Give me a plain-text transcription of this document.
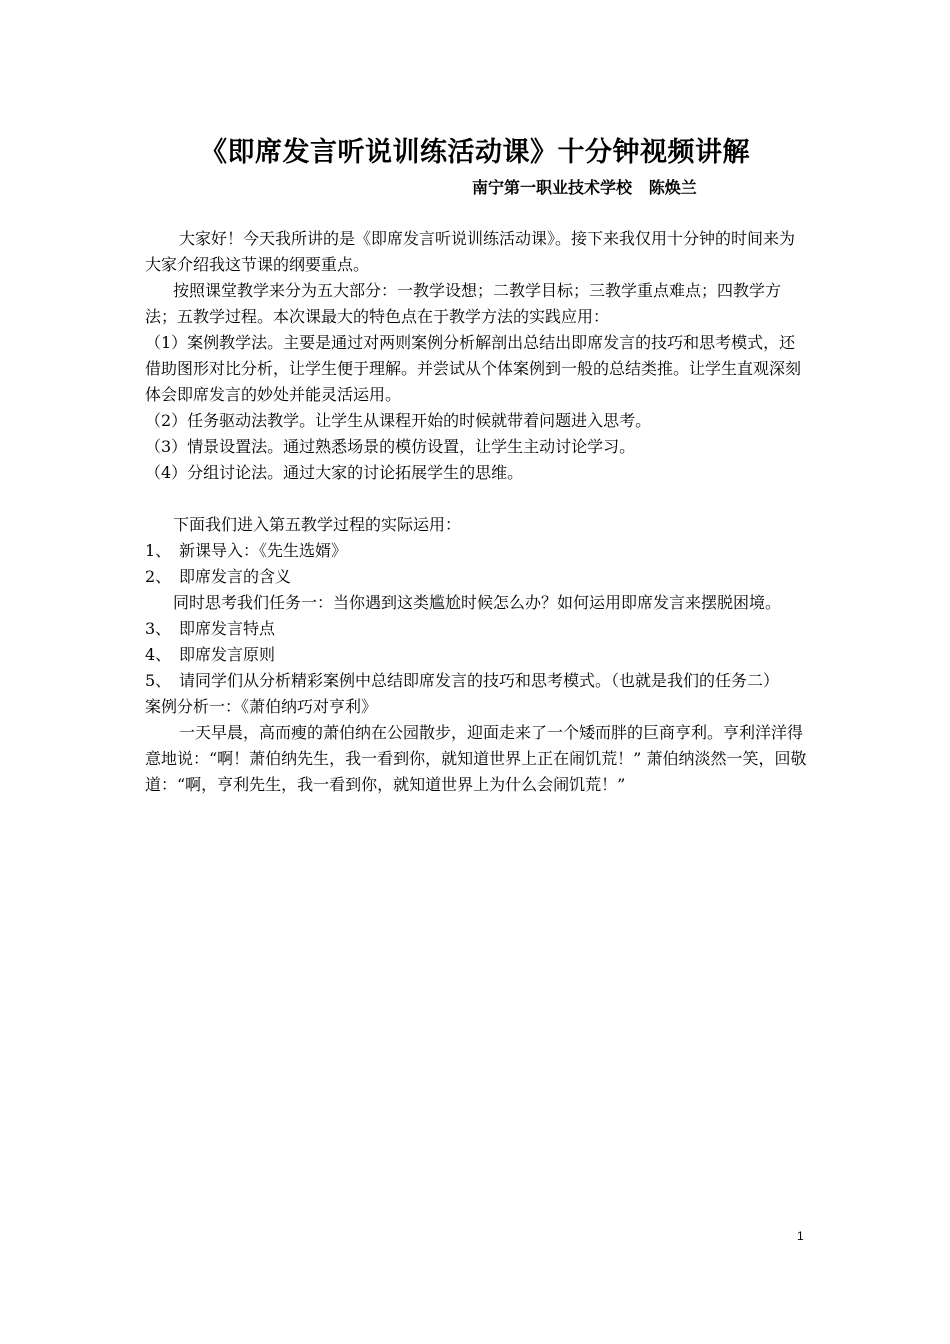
《即席发言听说训练活动课》十分钟视频讲解
南宁第一职业技术学校   陈焕兰

大家好！今天我所讲的是《即席发言听说训练活动课》。接下来我仅用十分钟的时间来为大家介绍我这节课的纲要重点。

按照课堂教学来分为五大部分：一教学设想；二教学目标；三教学重点难点；四教学方法；五教学过程。本次课最大的特色点在于教学方法的实践应用：

（1）案例教学法。主要是通过对两则案例分析解剖出总结出即席发言的技巧和思考模式，还借助图形对比分析，让学生便于理解。并尝试从个体案例到一般的总结类推。让学生直观深刻体会即席发言的妙处并能灵活运用。

（2）任务驱动法教学。让学生从课程开始的时候就带着问题进入思考。

（3）情景设置法。通过熟悉场景的模仿设置，让学生主动讨论学习。

（4）分组讨论法。通过大家的讨论拓展学生的思维。

下面我们进入第五教学过程的实际运用：

1、 新课导入：《先生选婿》
2、 即席发言的含义

同时思考我们任务一：当你遇到这类尴尬时候怎么办？如何运用即席发言来摆脱困境。

3、 即席发言特点
4、 即席发言原则
5、 请同学们从分析精彩案例中总结即席发言的技巧和思考模式。（也就是我们的任务二）

案例分析一：《萧伯纳巧对亨利》

一天早晨，高而瘦的萧伯纳在公园散步，迎面走来了一个矮而胖的巨商亨利。亨利洋洋得意地说：“啊！萧伯纳先生，我一看到你，就知道世界上正在闹饥荒！” 萧伯纳淡然一笑，回敬道：“啊，亨利先生，我一看到你，就知道世界上为什么会闹饥荒！”

1
